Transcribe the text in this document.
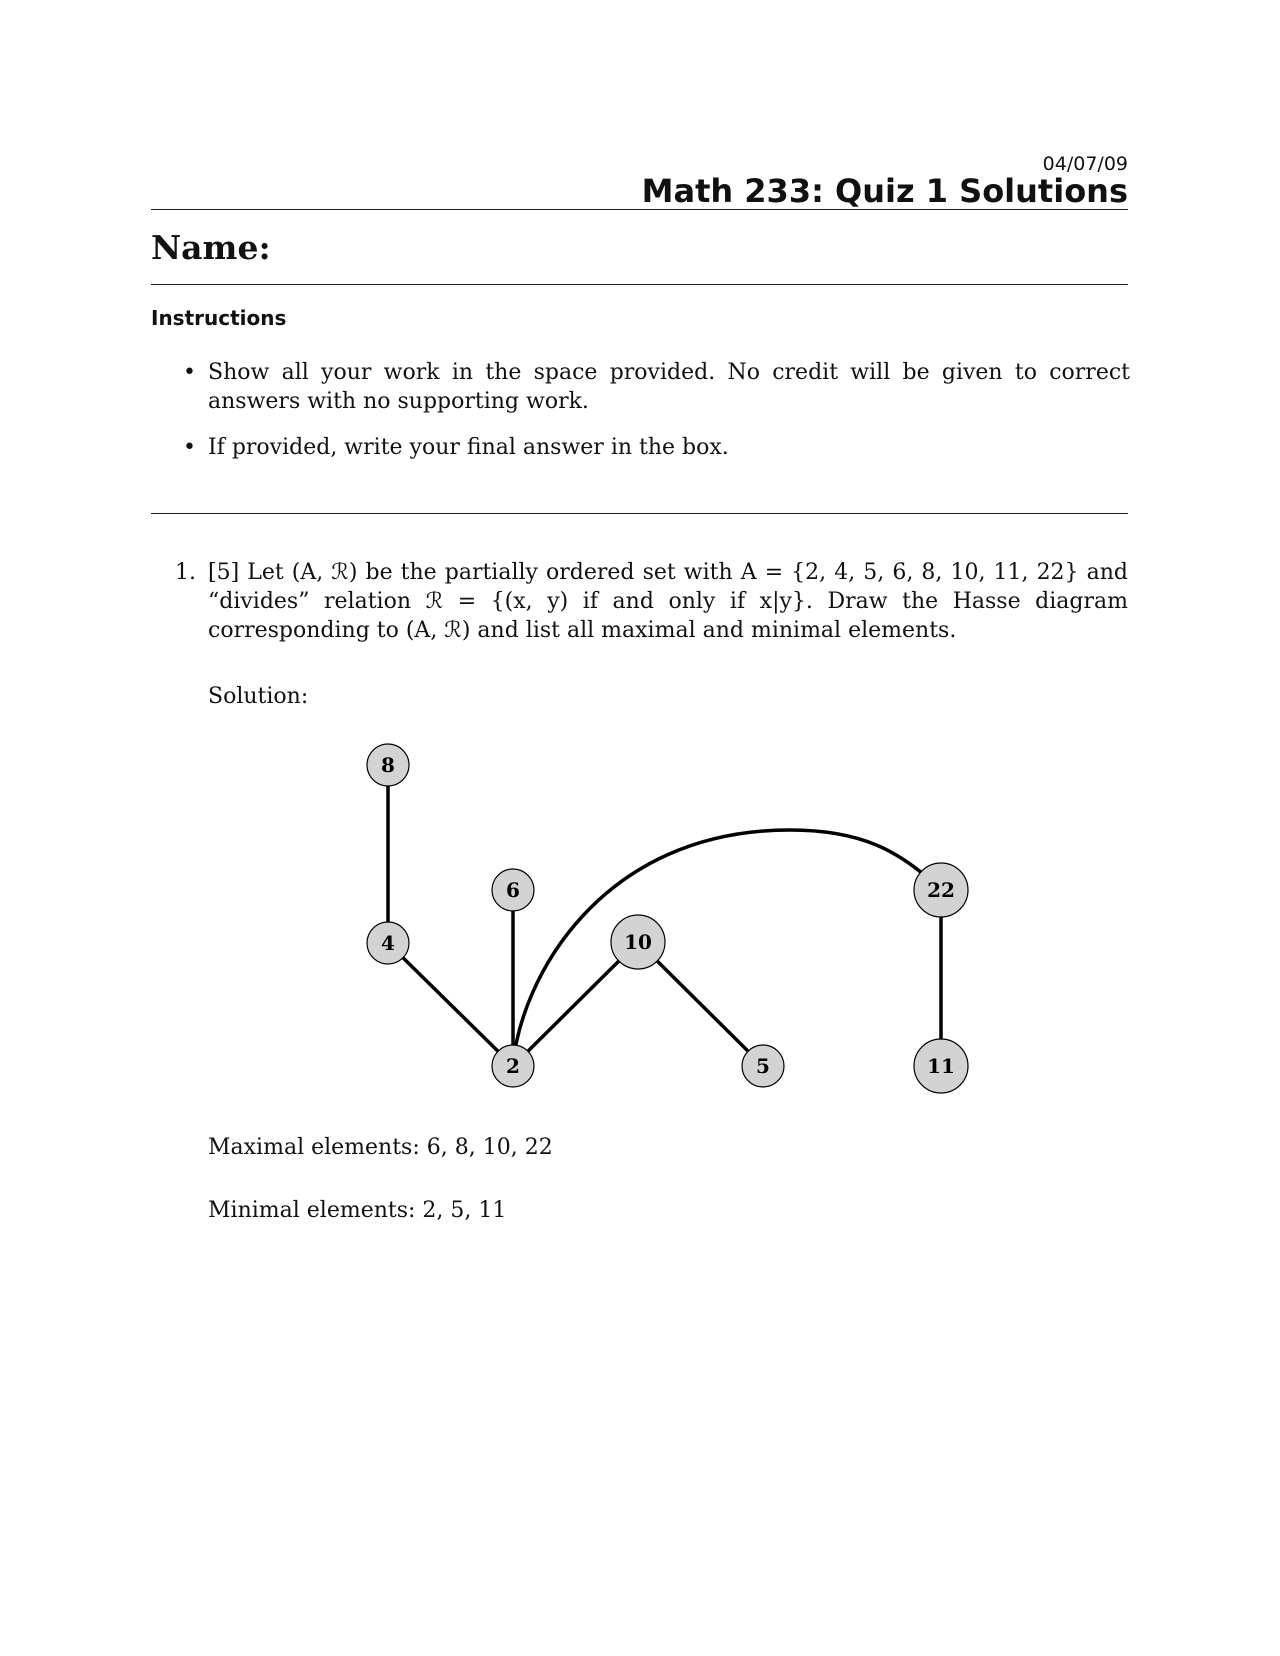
04/07/09
Math 233: Quiz 1 Solutions
Name:
Instructions
• Show all your work in the space provided. No credit will be given to correct answers with no supporting work.
• If provided, write your final answer in the box.
1. [5] Let (A, ℛ) be the partially ordered set with A = {2, 4, 5, 6, 8, 10, 11, 22} and “divides” relation ℛ = {(x, y) if and only if x|y}. Draw the Hasse diagram corresponding to (A, ℛ) and list all maximal and minimal elements.
Solution:
8
4
6
2
10
5
22
11
Maximal elements: 6, 8, 10, 22
Minimal elements: 2, 5, 11
